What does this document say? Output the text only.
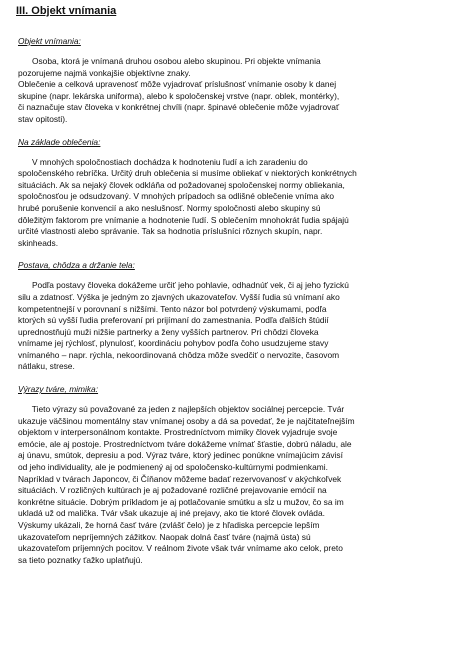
III. Objekt vnímania
Objekt vnímania:
Osoba, ktorá je vnímaná druhou osobou alebo skupinou. Pri objekte vnímania
pozorujeme najmä vonkajšie objektívne znaky.
Oblečenie a celková upravenosť môže vyjadrovať príslušnosť vnímanie osoby k danej
skupine (napr. lekárska uniforma), alebo k spoločenskej vrstve (napr. oblek, montérky),
či naznačuje stav človeka v konkrétnej chvíli (napr. špinavé oblečenie môže vyjadrovať
stav opitosti).
Na základe oblečenia:
V mnohých spoločnostiach dochádza k hodnoteniu ľudí a ich zaradeniu do
spoločenského rebríčka. Určitý druh oblečenia si musíme obliekať v niektorých konkrétnych
situáciách. Ak sa nejaký človek odkláňa od požadovanej spoločenskej normy obliekania,
spoločnosťou je odsudzovaný. V mnohých prípadoch sa odlišné oblečenie vníma ako
hrubé porušenie konvencií a ako neslušnosť. Normy spoločnosti alebo skupiny sú
dôležitým faktorom pre vnímanie a hodnotenie ľudí. S oblečením mnohokrát ľudia spájajú
určité vlastnosti alebo správanie. Tak sa hodnotia príslušníci rôznych skupín, napr.
skinheads.
Postava, chôdza a držanie tela:
Podľa postavy človeka dokážeme určiť jeho pohlavie, odhadnúť vek, či aj jeho fyzickú
silu a zdatnosť. Výška je jedným zo zjavných ukazovateľov. Vyšší ľudia sú vnímaní ako
kompetentnejší v porovnaní s nižšími. Tento názor bol potvrdený výskumami, podľa
ktorých sú vyšší ľudia preferovaní pri prijímaní do zamestnania. Podľa ďalších štúdií
uprednostňujú muži nižšie partnerky a ženy vyšších partnerov. Pri chôdzi človeka
vnímame jej rýchlosť, plynulosť, koordináciu pohybov podľa čoho usudzujeme stavy
vnímaného – napr. rýchla, nekoordinovaná chôdza môže svedčiť o nervozite, časovom
nátlaku, strese.
Výrazy tváre, mimika:
Tieto výrazy sú považované za jeden z najlepších objektov sociálnej percepcie. Tvár
ukazuje väčšinou momentálny stav vnímanej osoby a dá sa povedať, že je najčitateľnejším
objektom v interpersonálnom kontakte. Prostredníctvom mimiky človek vyjadruje svoje
emócie, ale aj postoje. Prostredníctvom tváre dokážeme vnímať šťastie, dobrú náladu, ale
aj únavu, smútok, depresiu a pod. Výraz tváre, ktorý jedinec ponúkne vnímajúcim závisí
od jeho individuality, ale je podmienený aj od spoločensko-kultúrnymi podmienkami.
Napríklad v tvárach Japoncov, či Číňanov môžeme badať rezervovanosť v akýchkoľvek
situáciách. V rozličných kultúrach je aj požadované rozličné prejavovanie emócií na
konkrétne situácie. Dobrým príkladom je aj potlačovanie smútku a sĺz u mužov, čo sa im
ukladá už od malička. Tvár však ukazuje aj iné prejavy, ako tie ktoré človek ovláda.
Výskumy ukázali, že horná časť tváre (zvlášť čelo) je z hľadiska percepcie lepším
ukazovateľom nepríjemných zážitkov. Naopak dolná časť tváre (najmä ústa) sú
ukazovateľom príjemných pocitov. V reálnom živote však tvár vnímame ako celok, preto
sa tieto poznatky ťažko uplatňujú.
